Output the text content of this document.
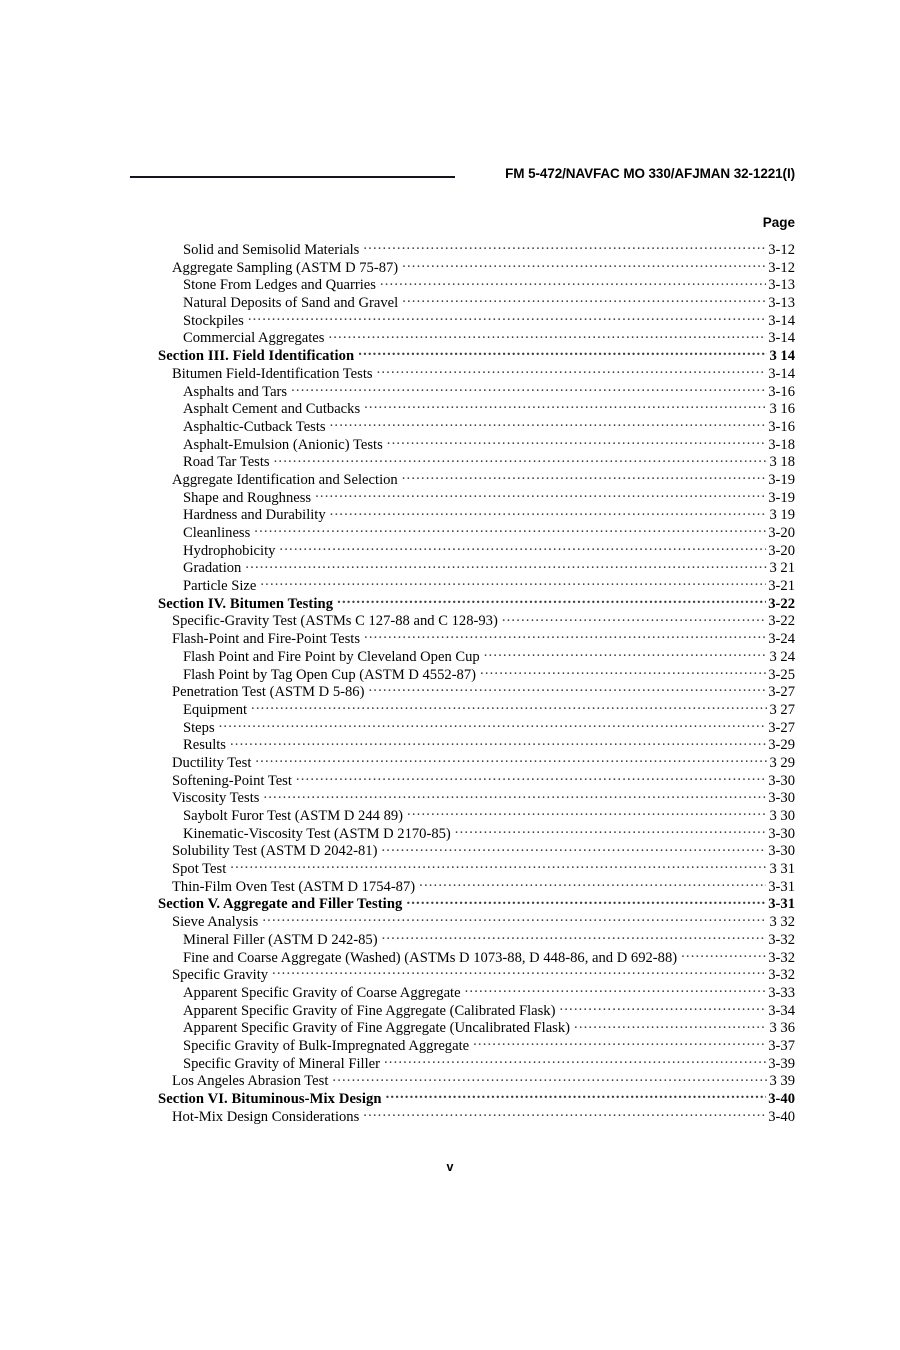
FM 5-472/NAVFAC MO 330/AFJMAN 32-1221(I)
Page
Solid and Semisolid Materials .....	3-12
Aggregate Sampling (ASTM D 75-87) .....	3-12
Stone From Ledges and Quarries .....	3-13
Natural Deposits of Sand and Gravel .....	3-13
Stockpiles .....	3-14
Commercial Aggregates .....	3-14
Section III. Field Identification .....	3 14
Bitumen Field-Identification Tests .....	3-14
Asphalts and Tars .....	3-16
Asphalt Cement and Cutbacks .....	3 16
Asphaltic-Cutback Tests .....	3-16
Asphalt-Emulsion (Anionic) Tests .....	3-18
Road Tar Tests .....	3 18
Aggregate Identification and Selection .....	3-19
Shape and Roughness .....	3-19
Hardness and Durability .....	3 19
Cleanliness .....	3-20
Hydrophobicity .....	3-20
Gradation .....	3 21
Particle Size .....	3-21
Section IV. Bitumen Testing .....	3-22
Specific-Gravity Test (ASTMs C 127-88 and C 128-93) .....	3-22
Flash-Point and Fire-Point Tests .....	3-24
Flash Point and Fire Point by Cleveland Open Cup .....	3 24
Flash Point by Tag Open Cup (ASTM D 4552-87) .....	3-25
Penetration Test (ASTM D 5-86) .....	3-27
Equipment .....	3 27
Steps .....	3-27
Results .....	3-29
Ductility Test .....	3 29
Softening-Point Test .....	3-30
Viscosity Tests .....	3-30
Saybolt Furor Test (ASTM D 244 89) .....	3 30
Kinematic-Viscosity Test (ASTM D 2170-85) .....	3-30
Solubility Test (ASTM D 2042-81) .....	3-30
Spot Test .....	3 31
Thin-Film Oven Test (ASTM D 1754-87) .....	3-31
Section V. Aggregate and Filler Testing .....	3-31
Sieve Analysis .....	3 32
Mineral Filler (ASTM D 242-85) .....	3-32
Fine and Coarse Aggregate (Washed) (ASTMs D 1073-88, D 448-86, and D 692-88) .....	3-32
Specific Gravity .....	3-32
Apparent Specific Gravity of Coarse Aggregate .....	3-33
Apparent Specific Gravity of Fine Aggregate (Calibrated Flask) .....	3-34
Apparent Specific Gravity of Fine Aggregate (Uncalibrated Flask) .....	3 36
Specific Gravity of Bulk-Impregnated Aggregate .....	3-37
Specific Gravity of Mineral Filler .....	3-39
Los Angeles Abrasion Test .....	3 39
Section VI. Bituminous-Mix Design .....	3-40
Hot-Mix Design Considerations .....	3-40
v
